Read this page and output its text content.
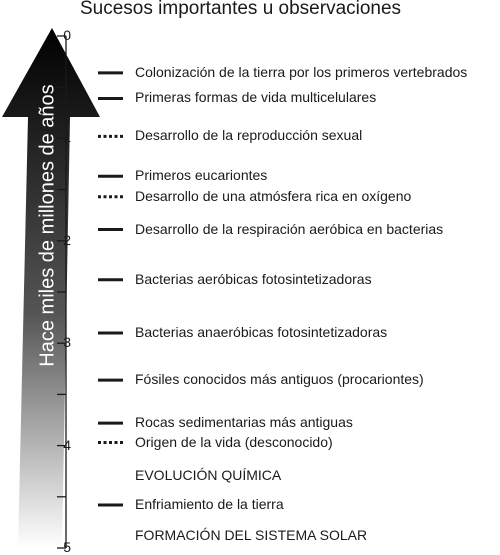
Sucesos importantes u observaciones
Hace miles de millones de años
0
1
2
3
4
5
Colonización de la tierra por los primeros vertebrados
Primeras formas de vida multicelulares
Desarrollo de la reproducción sexual
Primeros eucariontes
Desarrollo de una atmósfera rica en oxígeno
Desarrollo de la respiración aeróbica en bacterias
Bacterias aeróbicas fotosintetizadoras
Bacterias anaeróbicas fotosintetizadoras
Fósiles conocidos más antiguos (procariontes)
Rocas sedimentarias más antiguas
Origen de la vida (desconocido)
EVOLUCIÓN QUÍMICA
Enfriamiento de la tierra
FORMACIÓN DEL SISTEMA SOLAR
